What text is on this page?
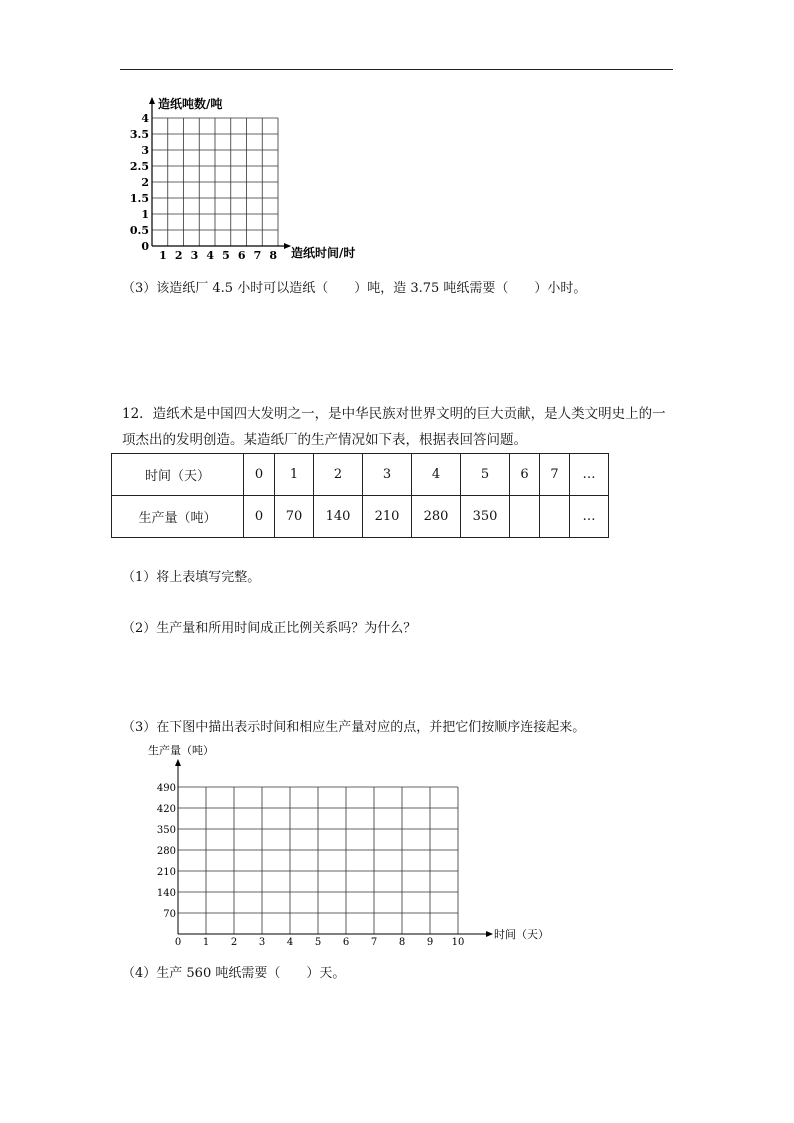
造纸吨数/吨
造纸时间/时
0
0.5
1
1.5
2
2.5
3
3.5
4
1 2 3 4 5 6 7 8
（3）该造纸厂 4.5 小时可以造纸（　　）吨，造 3.75 吨纸需要（　　）小时。
12．造纸术是中国四大发明之一，是中华民族对世界文明的巨大贡献，是人类文明史上的一
项杰出的发明创造。某造纸厂的生产情况如下表，根据表回答问题。
时间（天）	0	1	2	3	4	5	6	7	…
生产量（吨）	0	70	140	210	280	350			…
（1）将上表填写完整。
（2）生产量和所用时间成正比例关系吗？为什么？
（3）在下图中描出表示时间和相应生产量对应的点，并把它们按顺序连接起来。
生产量（吨）
时间（天）
70
140
210
280
350
420
490
0 1 2 3 4 5 6 7 8 9 10
（4）生产 560 吨纸需要（　　）天。
